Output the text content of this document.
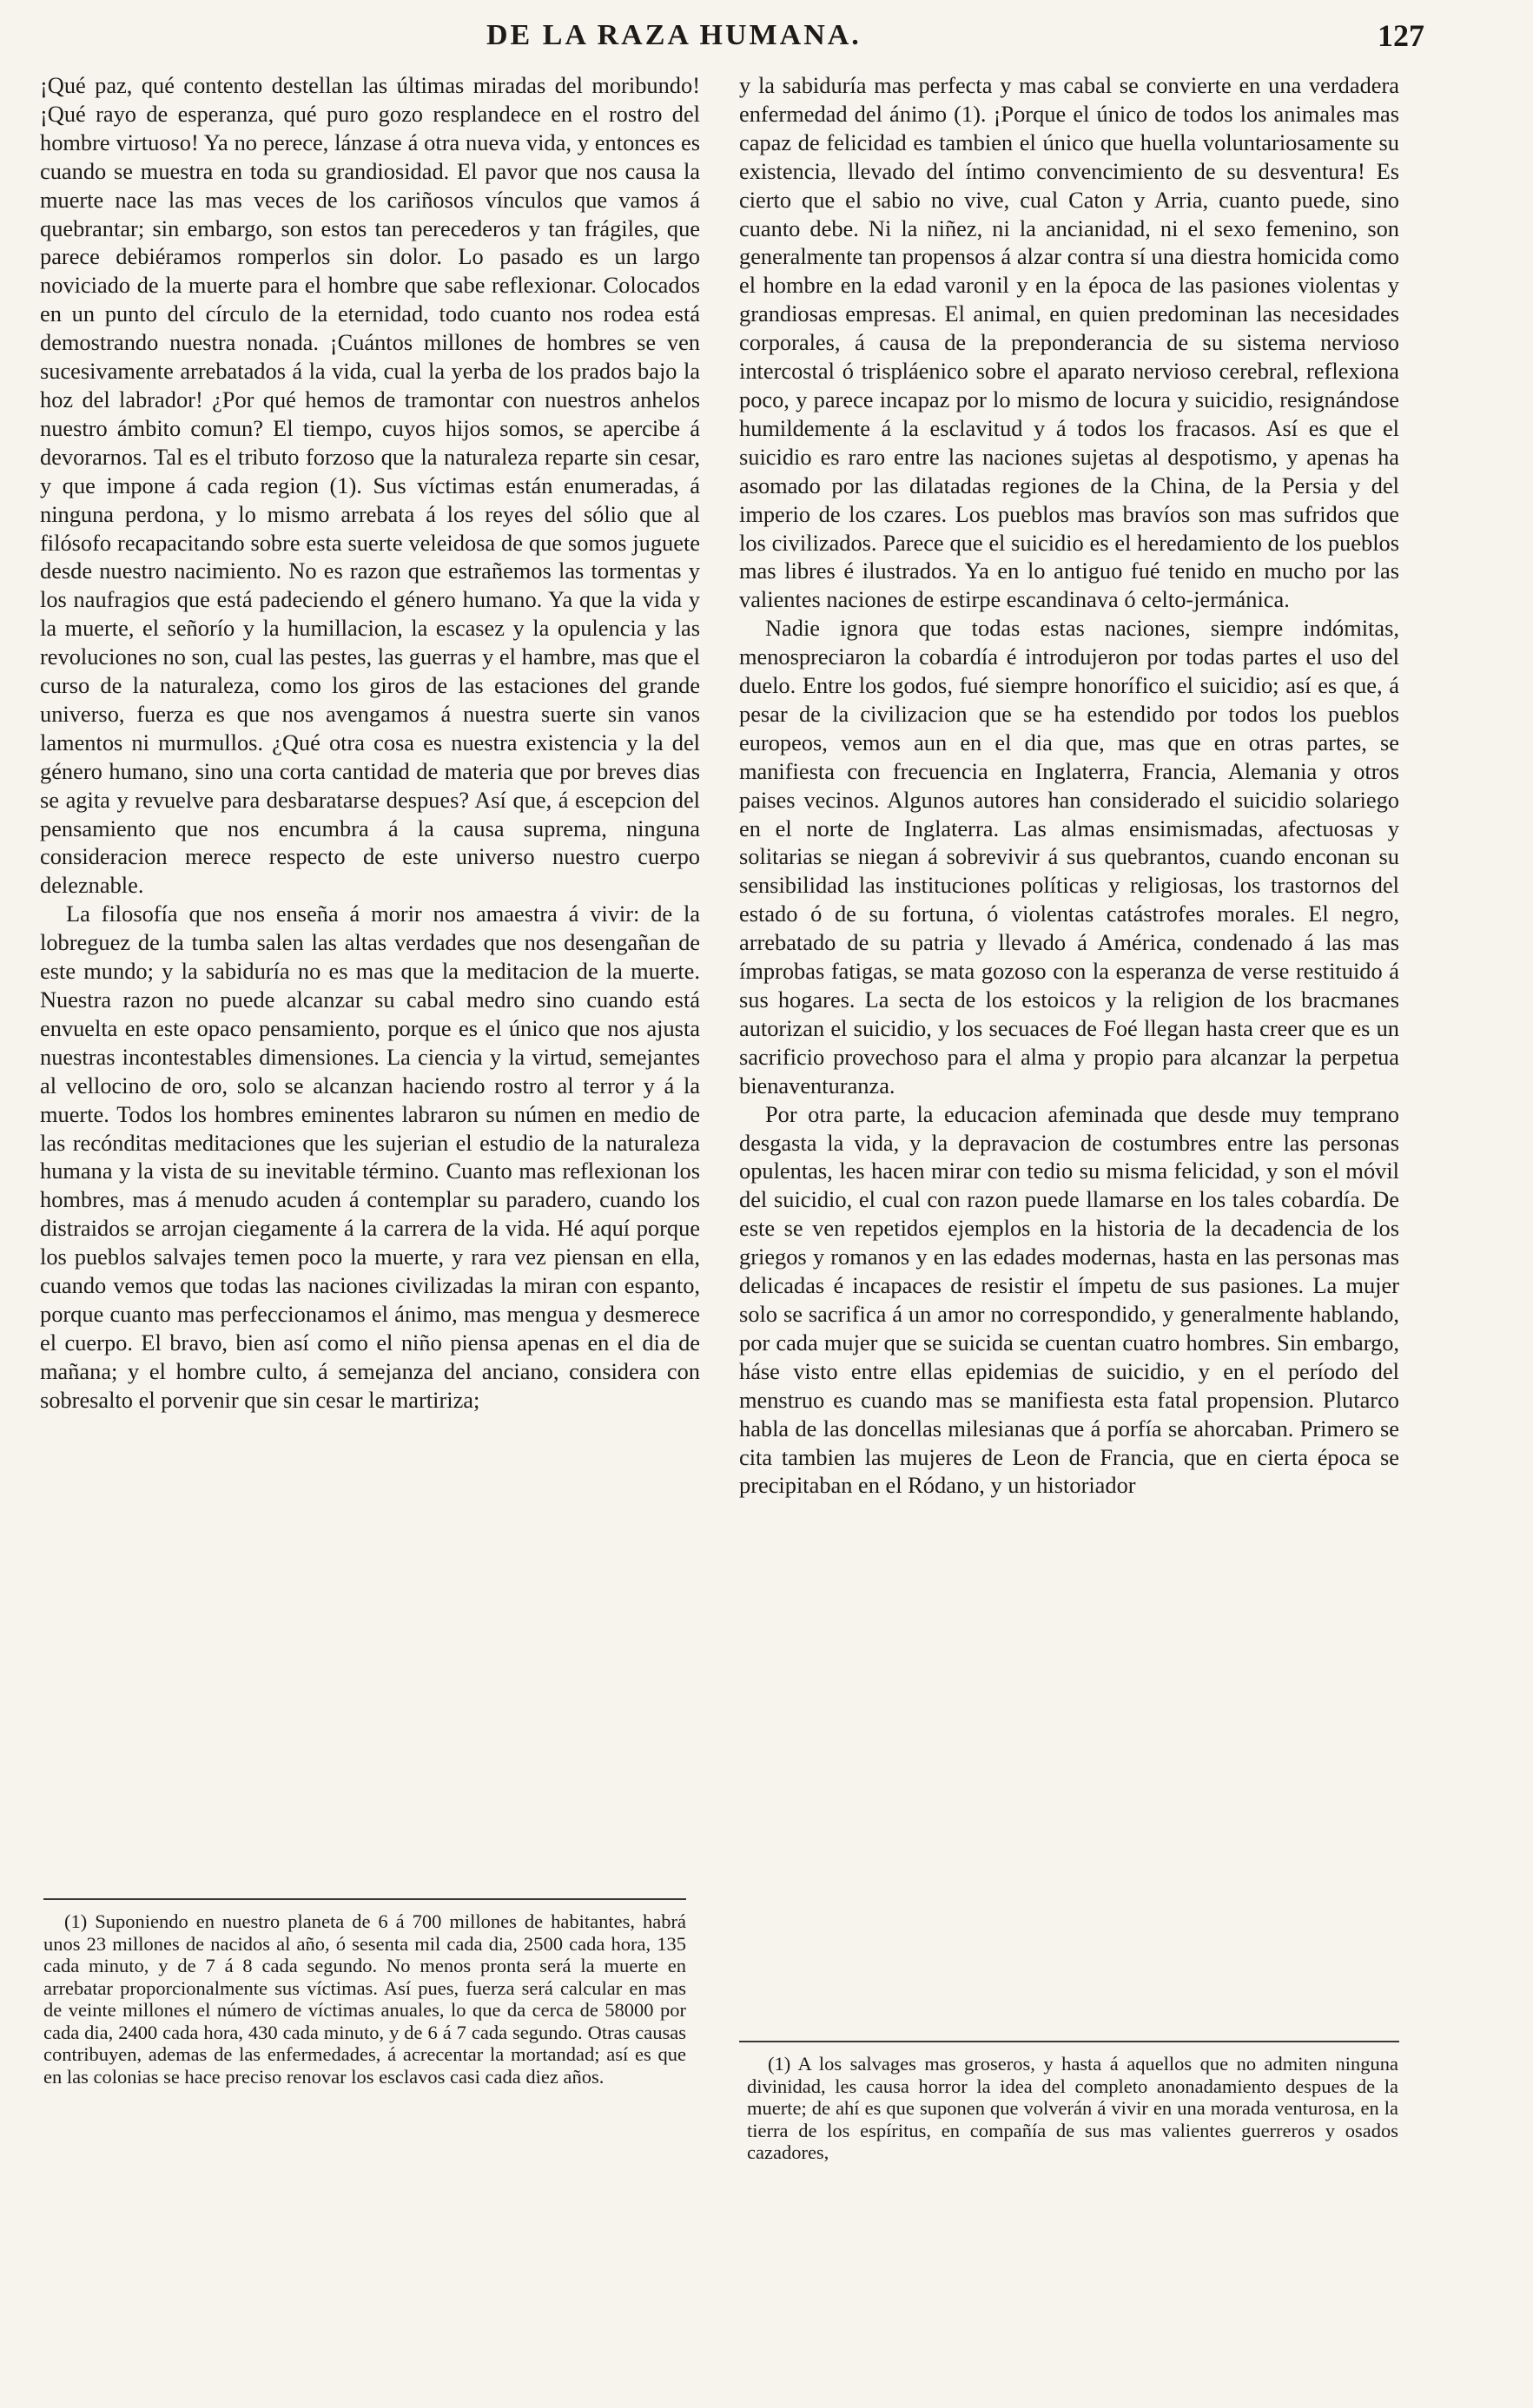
DE LA RAZA HUMANA.	127

¡Qué paz, qué contento destellan las últimas miradas del moribundo! ¡Qué rayo de esperanza, qué puro gozo resplandece en el rostro del hombre virtuoso! Ya no perece, lánzase á otra nueva vida, y entonces es cuando se muestra en toda su grandiosidad. El pavor que nos causa la muerte nace las mas veces de los cariñosos vínculos que vamos á quebrantar; sin embargo, son estos tan perecederos y tan frágiles, que parece debiéramos romperlos sin dolor. Lo pasado es un largo noviciado de la muerte para el hombre que sabe reflexionar. Colocados en un punto del círculo de la eternidad, todo cuanto nos rodea está demostrando nuestra nonada. ¡Cuántos millones de hombres se ven sucesivamente arrebatados á la vida, cual la yerba de los prados bajo la hoz del labrador! ¿Por qué hemos de tramontar con nuestros anhelos nuestro ámbito comun? El tiempo, cuyos hijos somos, se apercibe á devorarnos. Tal es el tributo forzoso que la naturaleza reparte sin cesar, y que impone á cada region (1). Sus víctimas están enumeradas, á ninguna perdona, y lo mismo arrebata á los reyes del sólio que al filósofo recapacitando sobre esta suerte veleidosa de que somos juguete desde nuestro nacimiento. No es razon que estrañemos las tormentas y los naufragios que está padeciendo el género humano. Ya que la vida y la muerte, el señorío y la humillacion, la escasez y la opulencia y las revoluciones no son, cual las pestes, las guerras y el hambre, mas que el curso de la naturaleza, como los giros de las estaciones del grande universo, fuerza es que nos avengamos á nuestra suerte sin vanos lamentos ni murmullos. ¿Qué otra cosa es nuestra existencia y la del género humano, sino una corta cantidad de materia que por breves dias se agita y revuelve para desbaratarse despues? Así que, á escepcion del pensamiento que nos encumbra á la causa suprema, ninguna consideracion merece respecto de este universo nuestro cuerpo deleznable.

La filosofía que nos enseña á morir nos amaestra á vivir: de la lobreguez de la tumba salen las altas verdades que nos desengañan de este mundo; y la sabiduría no es mas que la meditacion de la muerte. Nuestra razon no puede alcanzar su cabal medro sino cuando está envuelta en este opaco pensamiento, porque es el único que nos ajusta nuestras incontestables dimensiones. La ciencia y la virtud, semejantes al vellocino de oro, solo se alcanzan haciendo rostro al terror y á la muerte. Todos los hombres eminentes labraron su númen en medio de las recónditas meditaciones que les sujerian el estudio de la naturaleza humana y la vista de su inevitable término. Cuanto mas reflexionan los hombres, mas á menudo acuden á contemplar su paradero, cuando los distraidos se arrojan ciegamente á la carrera de la vida. Hé aquí porque los pueblos salvajes temen poco la muerte, y rara vez piensan en ella, cuando vemos que todas las naciones civilizadas la miran con espanto, porque cuanto mas perfeccionamos el ánimo, mas mengua y desmerece el cuerpo. El bravo, bien así como el niño piensa apenas en el dia de mañana; y el hombre culto, á semejanza del anciano, considera con sobresalto el porvenir que sin cesar le martiriza;

y la sabiduría mas perfecta y mas cabal se convierte en una verdadera enfermedad del ánimo (1). ¡Porque el único de todos los animales mas capaz de felicidad es tambien el único que huella voluntariosamente su existencia, llevado del íntimo convencimiento de su desventura! Es cierto que el sabio no vive, cual Caton y Arria, cuanto puede, sino cuanto debe. Ni la niñez, ni la ancianidad, ni el sexo femenino, son generalmente tan propensos á alzar contra sí una diestra homicida como el hombre en la edad varonil y en la época de las pasiones violentas y grandiosas empresas. El animal, en quien predominan las necesidades corporales, á causa de la preponderancia de su sistema nervioso intercostal ó trispláenico sobre el aparato nervioso cerebral, reflexiona poco, y parece incapaz por lo mismo de locura y suicidio, resignándose humildemente á la esclavitud y á todos los fracasos. Así es que el suicidio es raro entre las naciones sujetas al despotismo, y apenas ha asomado por las dilatadas regiones de la China, de la Persia y del imperio de los czares. Los pueblos mas bravíos son mas sufridos que los civilizados. Parece que el suicidio es el heredamiento de los pueblos mas libres é ilustrados. Ya en lo antiguo fué tenido en mucho por las valientes naciones de estirpe escandinava ó celto-jermánica.

Nadie ignora que todas estas naciones, siempre indómitas, menospreciaron la cobardía é introdujeron por todas partes el uso del duelo. Entre los godos, fué siempre honorífico el suicidio; así es que, á pesar de la civilizacion que se ha estendido por todos los pueblos europeos, vemos aun en el dia que, mas que en otras partes, se manifiesta con frecuencia en Inglaterra, Francia, Alemania y otros paises vecinos. Algunos autores han considerado el suicidio solariego en el norte de Inglaterra. Las almas ensimismadas, afectuosas y solitarias se niegan á sobrevivir á sus quebrantos, cuando enconan su sensibilidad las instituciones políticas y religiosas, los trastornos del estado ó de su fortuna, ó violentas catástrofes morales. El negro, arrebatado de su patria y llevado á América, condenado á las mas ímprobas fatigas, se mata gozoso con la esperanza de verse restituido á sus hogares. La secta de los estoicos y la religion de los bracmanes autorizan el suicidio, y los secuaces de Foé llegan hasta creer que es un sacrificio provechoso para el alma y propio para alcanzar la perpetua bienaventuranza.

Por otra parte, la educacion afeminada que desde muy temprano desgasta la vida, y la depravacion de costumbres entre las personas opulentas, les hacen mirar con tedio su misma felicidad, y son el móvil del suicidio, el cual con razon puede llamarse en los tales cobardía. De este se ven repetidos ejemplos en la historia de la decadencia de los griegos y romanos y en las edades modernas, hasta en las personas mas delicadas é incapaces de resistir el ímpetu de sus pasiones. La mujer solo se sacrifica á un amor no correspondido, y generalmente hablando, por cada mujer que se suicida se cuentan cuatro hombres. Sin embargo, háse visto entre ellas epidemias de suicidio, y en el período del menstruo es cuando mas se manifiesta esta fatal propension. Plutarco habla de las doncellas milesianas que á porfía se ahorcaban. Primero se cita tambien las mujeres de Leon de Francia, que en cierta época se precipitaban en el Ródano, y un historiador

(1) Suponiendo en nuestro planeta de 6 á 700 millones de habitantes, habrá unos 23 millones de nacidos al año, ó sesenta mil cada dia, 2500 cada hora, 135 cada minuto, y de 7 á 8 cada segundo. No menos pronta será la muerte en arrebatar proporcionalmente sus víctimas. Así pues, fuerza será calcular en mas de veinte millones el número de víctimas anuales, lo que da cerca de 58000 por cada dia, 2400 cada hora, 430 cada minuto, y de 6 á 7 cada segundo. Otras causas contribuyen, ademas de las enfermedades, á acrecentar la mortandad; así es que en las colonias se hace preciso renovar los esclavos casi cada diez años.

(1) A los salvages mas groseros, y hasta á aquellos que no admiten ninguna divinidad, les causa horror la idea del completo anonadamiento despues de la muerte; de ahí es que suponen que volverán á vivir en una morada venturosa, en la tierra de los espíritus, en compañía de sus mas valientes guerreros y osados cazadores,
